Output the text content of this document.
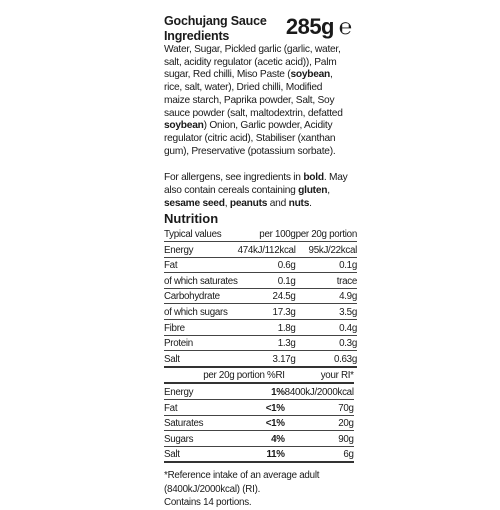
Gochujang Sauce
Ingredients	285g ℮
Water, Sugar, Pickled garlic (garlic, water, salt, acidity regulator (acetic acid)), Palm sugar, Red chilli, Miso Paste (soybean, rice, salt, water), Dried chilli, Modified maize starch, Paprika powder, Salt, Soy sauce powder (salt, maltodextrin, defatted soybean) Onion, Garlic powder, Acidity regulator (citric acid), Stabiliser (xanthan gum), Preservative (potassium sorbate).
For allergens, see ingredients in bold. May also contain cereals containing gluten, sesame seed, peanuts and nuts.
Nutrition
Typical values	per 100g	per 20g portion
Energy	474kJ/112kcal	95kJ/22kcal
Fat	0.6g	0.1g
of which saturates	0.1g	trace
Carbohydrate	24.5g	4.9g
of which sugars	17.3g	3.5g
Fibre	1.8g	0.4g
Protein	1.3g	0.3g
Salt	3.17g	0.63g
	per 20g portion %RI	your RI*
Energy	1%	8400kJ/2000kcal
Fat	<1%	70g
Saturates	<1%	20g
Sugars	4%	90g
Salt	11%	6g
*Reference intake of an average adult
(8400kJ/2000kcal) (RI).
Contains 14 portions.
